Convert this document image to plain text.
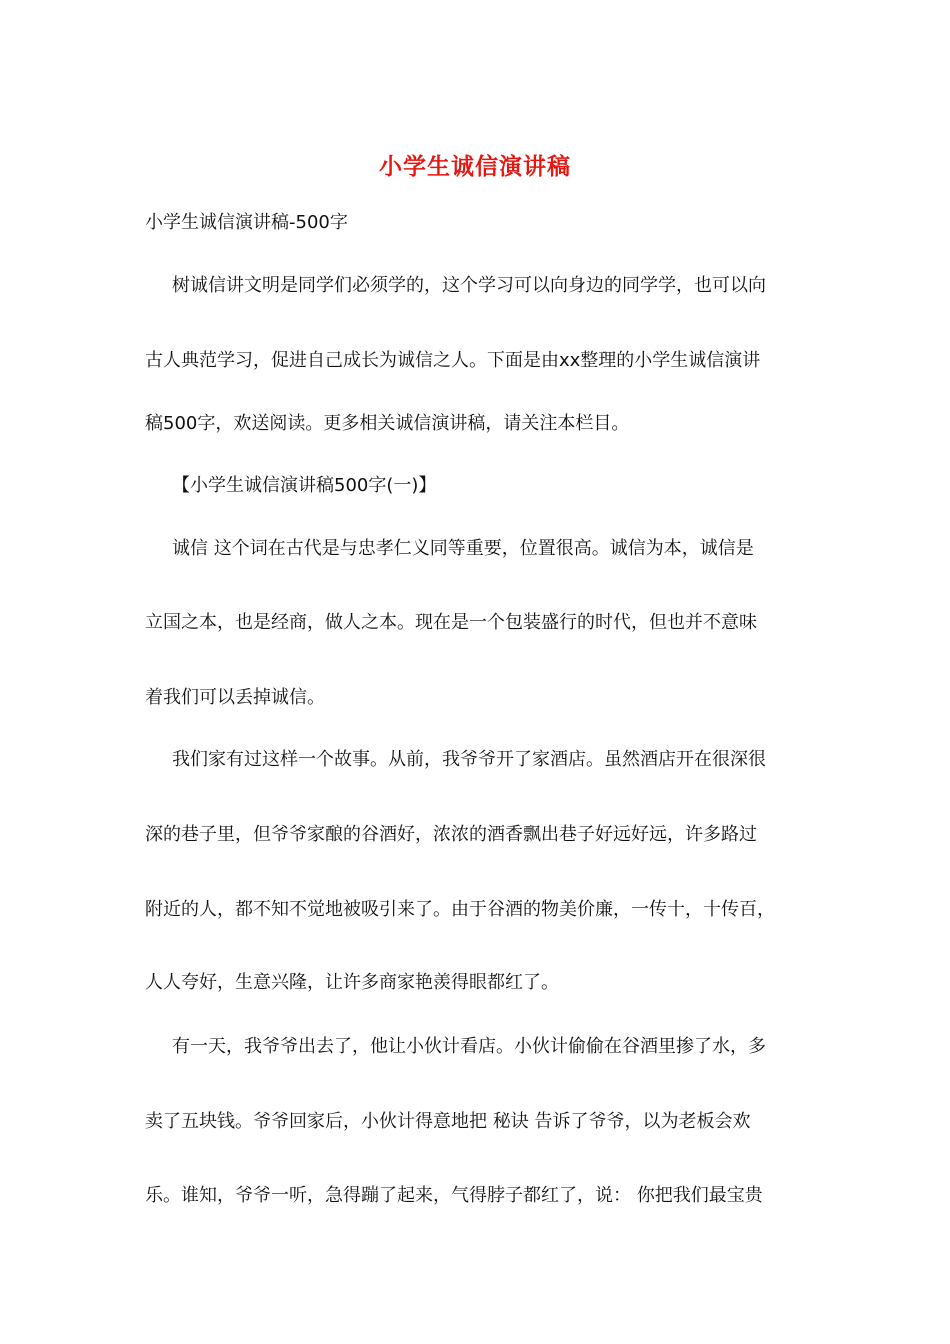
小学生诚信演讲稿
小学生诚信演讲稿-500字
树诚信讲文明是同学们必须学的，这个学习可以向身边的同学学，也可以向
古人典范学习，促进自己成长为诚信之人。下面是由xx整理的小学生诚信演讲
稿500字，欢送阅读。更多相关诚信演讲稿，请关注本栏目。
【小学生诚信演讲稿500字(一)】
诚信 这个词在古代是与忠孝仁义同等重要，位置很高。诚信为本，诚信是
立国之本，也是经商，做人之本。现在是一个包装盛行的时代，但也并不意味
着我们可以丢掉诚信。
我们家有过这样一个故事。从前，我爷爷开了家酒店。虽然酒店开在很深很
深的巷子里，但爷爷家酿的谷酒好，浓浓的酒香飘出巷子好远好远，许多路过
附近的人，都不知不觉地被吸引来了。由于谷酒的物美价廉，一传十，十传百，
人人夸好，生意兴隆，让许多商家艳羡得眼都红了。
有一天，我爷爷出去了，他让小伙计看店。小伙计偷偷在谷酒里掺了水，多
卖了五块钱。爷爷回家后，小伙计得意地把 秘诀 告诉了爷爷，以为老板会欢
乐。谁知，爷爷一听，急得蹦了起来，气得脖子都红了，说： 你把我们最宝贵
